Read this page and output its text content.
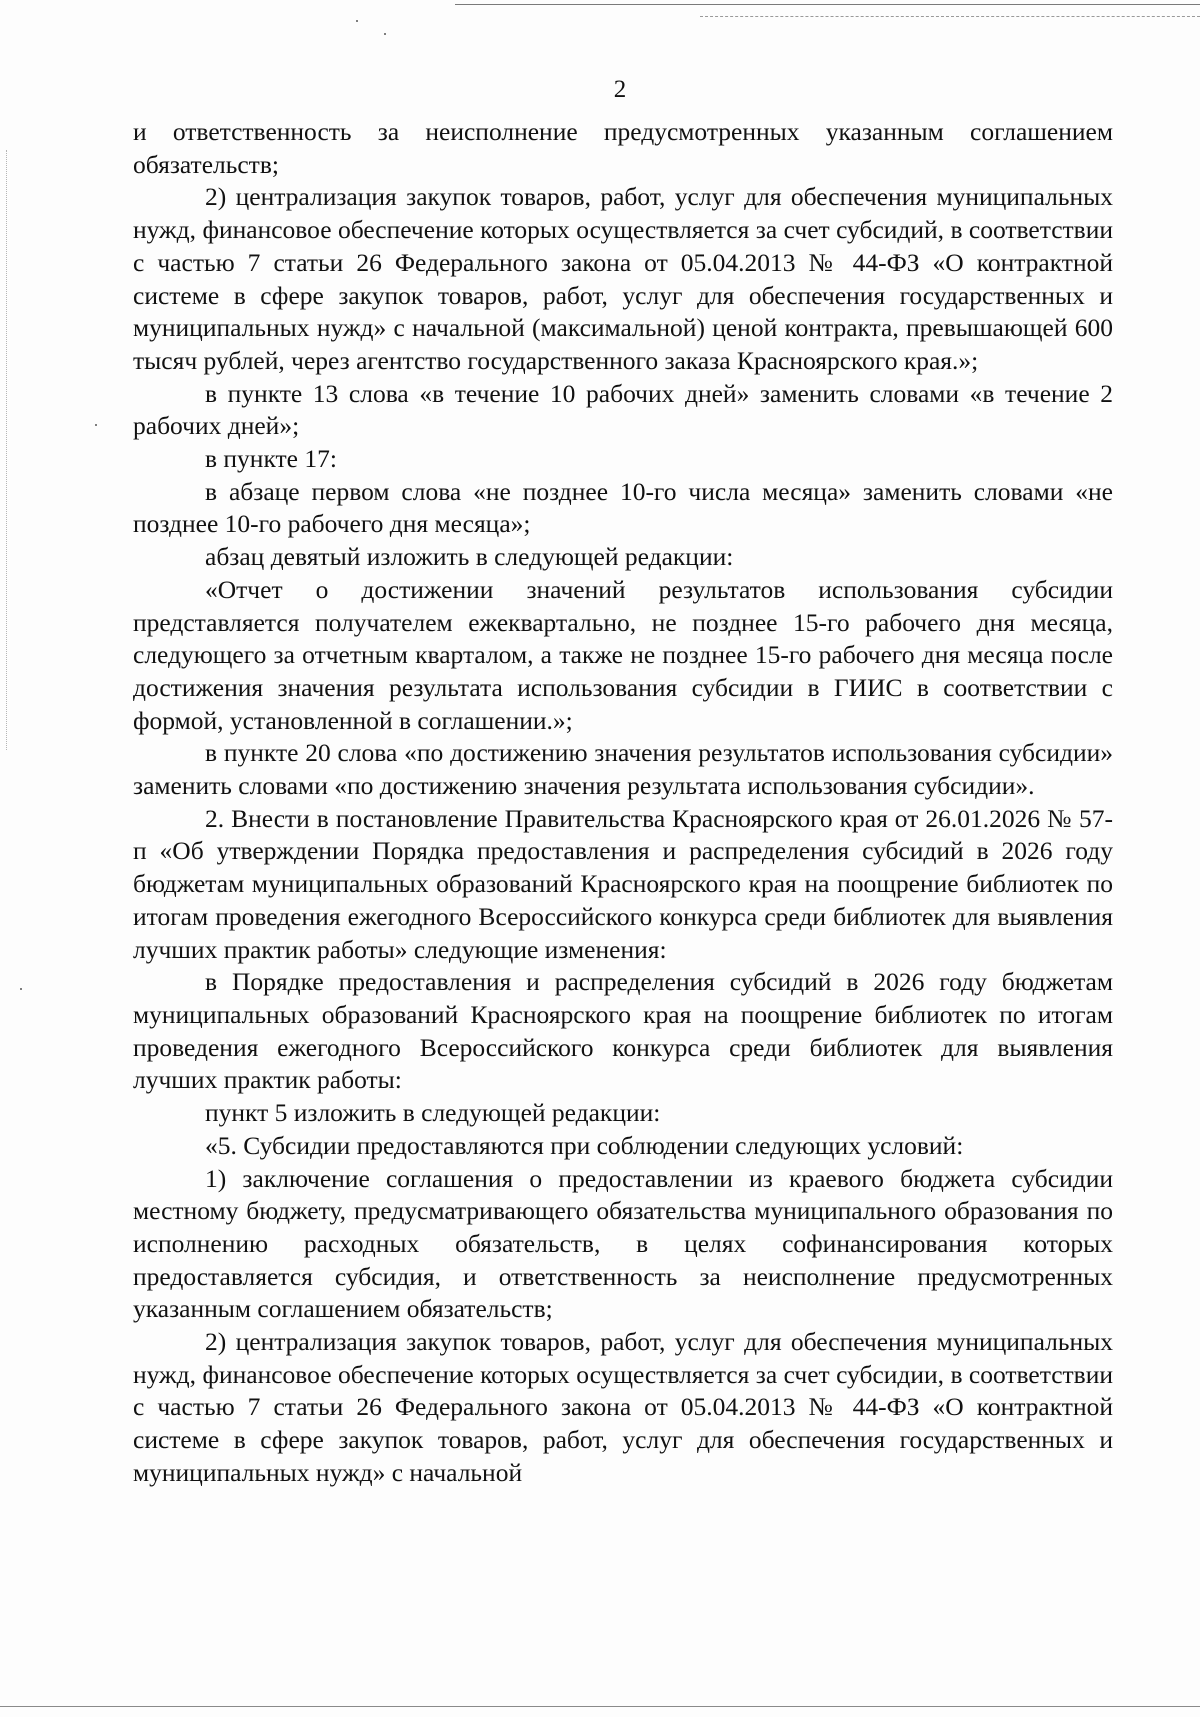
2

и ответственность за неисполнение предусмотренных указанным соглашением обязательств;

2) централизация закупок товаров, работ, услуг для обеспечения муниципальных нужд, финансовое обеспечение которых осуществляется за счет субсидий, в соответствии с частью 7 статьи 26 Федерального закона от 05.04.2013 № 44-ФЗ «О контрактной системе в сфере закупок товаров, работ, услуг для обеспечения государственных и муниципальных нужд» с начальной (максимальной) ценой контракта, превышающей 600 тысяч рублей, через агентство государственного заказа Красноярского края.»;

в пункте 13 слова «в течение 10 рабочих дней» заменить словами «в течение 2 рабочих дней»;

в пункте 17:

в абзаце первом слова «не позднее 10-го числа месяца» заменить словами «не позднее 10-го рабочего дня месяца»;

абзац девятый изложить в следующей редакции:

«Отчет о достижении значений результатов использования субсидии представляется получателем ежеквартально, не позднее 15-го рабочего дня месяца, следующего за отчетным кварталом, а также не позднее 15-го рабочего дня месяца после достижения значения результата использования субсидии в ГИИС в соответствии с формой, установленной в соглашении.»;

в пункте 20 слова «по достижению значения результатов использования субсидии» заменить словами «по достижению значения результата использования субсидии».

2. Внести в постановление Правительства Красноярского края от 26.01.2026 № 57-п «Об утверждении Порядка предоставления и распределения субсидий в 2026 году бюджетам муниципальных образований Красноярского края на поощрение библиотек по итогам проведения ежегодного Всероссийского конкурса среди библиотек для выявления лучших практик работы» следующие изменения:

в Порядке предоставления и распределения субсидий в 2026 году бюджетам муниципальных образований Красноярского края на поощрение библиотек по итогам проведения ежегодного Всероссийского конкурса среди библиотек для выявления лучших практик работы:

пункт 5 изложить в следующей редакции:

«5. Субсидии предоставляются при соблюдении следующих условий:

1) заключение соглашения о предоставлении из краевого бюджета субсидии местному бюджету, предусматривающего обязательства муниципального образования по исполнению расходных обязательств, в целях софинансирования которых предоставляется субсидия, и ответственность за неисполнение предусмотренных указанным соглашением обязательств;

2) централизация закупок товаров, работ, услуг для обеспечения муниципальных нужд, финансовое обеспечение которых осуществляется за счет субсидии, в соответствии с частью 7 статьи 26 Федерального закона от 05.04.2013 № 44-ФЗ «О контрактной системе в сфере закупок товаров, работ, услуг для обеспечения государственных и муниципальных нужд» с начальной
